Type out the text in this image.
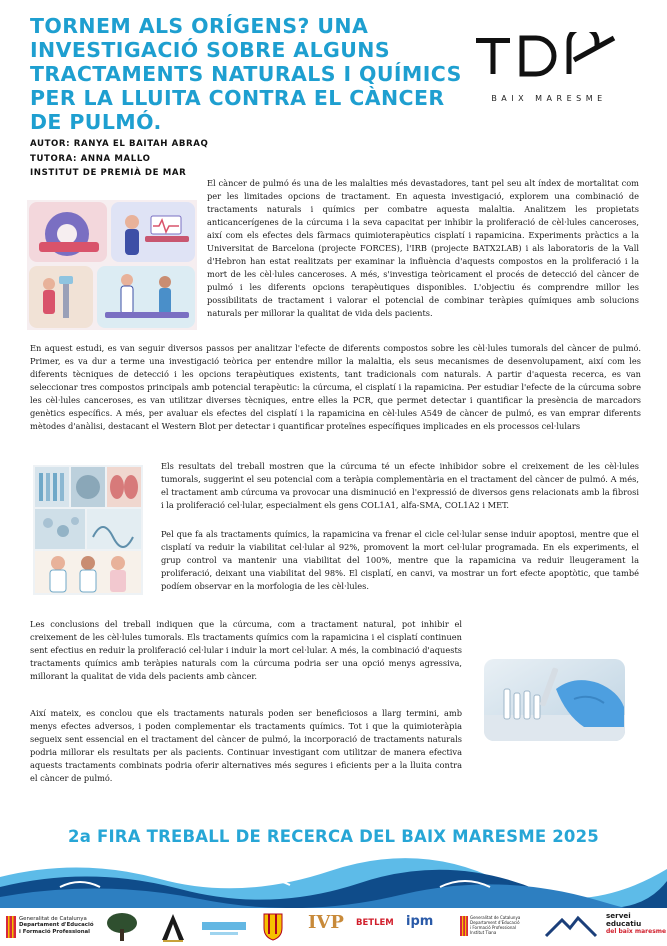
TORNEM ALS ORÍGENS? UNA INVESTIGACIÓ SOBRE ALGUNS TRACTAMENTS NATURALS I QUÍMICS PER LA LLUITA CONTRA EL CÀNCER DE PULMÓ.
BAIX MARESME
AUTOR: RANYA EL BAITAH ABRAQ
TUTORA: ANNA MALLO
INSTITUT DE PREMIÀ DE MAR
El càncer de pulmó és una de les malalties més devastadores, tant pel seu alt índex de mortalitat com per les limitades opcions de tractament. En aquesta investigació, explorem una combinació de tractaments naturals i químics per combatre aquesta malaltia. Analitzem les propietats anticancerígenes de la cúrcuma i la seva capacitat per inhibir la proliferació de cèl·lules canceroses, així com els efectes dels fàrmacs quimioterapèutics cisplatí i rapamicina. Experiments pràctics a la Universitat de Barcelona (projecte FORCES), l'IRB (projecte BATX2LAB) i als laboratoris de la Vall d'Hebron han estat realitzats per examinar la influència d'aquests compostos en la proliferació i la mort de les cèl·lules canceroses. A més, s'investiga teòricament el procés de detecció del càncer de pulmó i les diferents opcions terapèutiques disponibles. L'objectiu és comprendre millor les possibilitats de tractament i valorar el potencial de combinar teràpies químiques amb solucions naturals per millorar la qualitat de vida dels pacients.
En aquest estudi, es van seguir diversos passos per analitzar l'efecte de diferents compostos sobre les cèl·lules tumorals del càncer de pulmó. Primer, es va dur a terme una investigació teòrica per entendre millor la malaltia, els seus mecanismes de desenvolupament, així com les diferents tècniques de detecció i les opcions terapèutiques existents, tant tradicionals com naturals. A partir d'aquesta recerca, es van seleccionar tres compostos principals amb potencial terapèutic: la cúrcuma, el cisplatí i la rapamicina. Per estudiar l'efecte de la cúrcuma sobre les cèl·lules canceroses, es van utilitzar diverses tècniques, entre elles la PCR, que permet detectar i quantificar la presència de marcadors genètics específics. A més, per avaluar els efectes del cisplatí i la rapamicina en cèl·lules A549 de càncer de pulmó, es van emprar diferents mètodes d'anàlisi, destacant el Western Blot per detectar i quantificar proteïnes específiques implicades en els processos cel·lulars
Els resultats del treball mostren que la cúrcuma té un efecte inhibidor sobre el creixement de les cèl·lules tumorals, suggerint el seu potencial com a teràpia complementària en el tractament del càncer de pulmó. A més, el tractament amb cúrcuma va provocar una disminució en l'expressió de diversos gens relacionats amb la fibrosi i la proliferació cel·lular, especialment els gens COL1A1, alfa-SMA, COL1A2 i MET.
Pel que fa als tractaments químics, la rapamicina va frenar el cicle cel·lular sense induir apoptosi, mentre que el cisplatí va reduir la viabilitat cel·lular al 92%, promovent la mort cel·lular programada. En els experiments, el grup control va mantenir una viabilitat del 100%, mentre que la rapamicina va reduir lleugerament la proliferació, deixant una viabilitat del 98%. El cisplatí, en canvi, va mostrar un fort efecte apoptòtic, que també podíem observar en la morfologia de les cèl·lules.
Les conclusions del treball indiquen que la cúrcuma, com a tractament natural, pot inhibir el creixement de les cèl·lules tumorals. Els tractaments químics com la rapamicina i el cisplatí continuen sent efectius en reduir la proliferació cel·lular i induir la mort cel·lular. A més, la combinació d'aquests tractaments químics amb teràpies naturals com la cúrcuma podria ser una opció menys agressiva, millorant la qualitat de vida dels pacients amb càncer.
Així mateix, es conclou que els tractaments naturals poden ser beneficiosos a llarg termini, amb menys efectes adversos, i poden complementar els tractaments químics. Tot i que la quimioteràpia segueix sent essencial en el tractament del càncer de pulmó, la incorporació de tractaments naturals podria millorar els resultats per als pacients. Continuar investigant com utilitzar de manera efectiva aquests tractaments combinats podria oferir alternatives més segures i eficients per a la lluita contra el càncer de pulmó.
2a FIRA TREBALL DE RECERCA DEL BAIX MARESME 2025
Generalitat de Catalunya
Departament d'Educació
i Formació Professional	IVP BETLEM ipm	Generalitat de Catalunya
Departament d'Educació
i Formació Professional
Institut Tiana
servei
educatiu
del baix maresme
